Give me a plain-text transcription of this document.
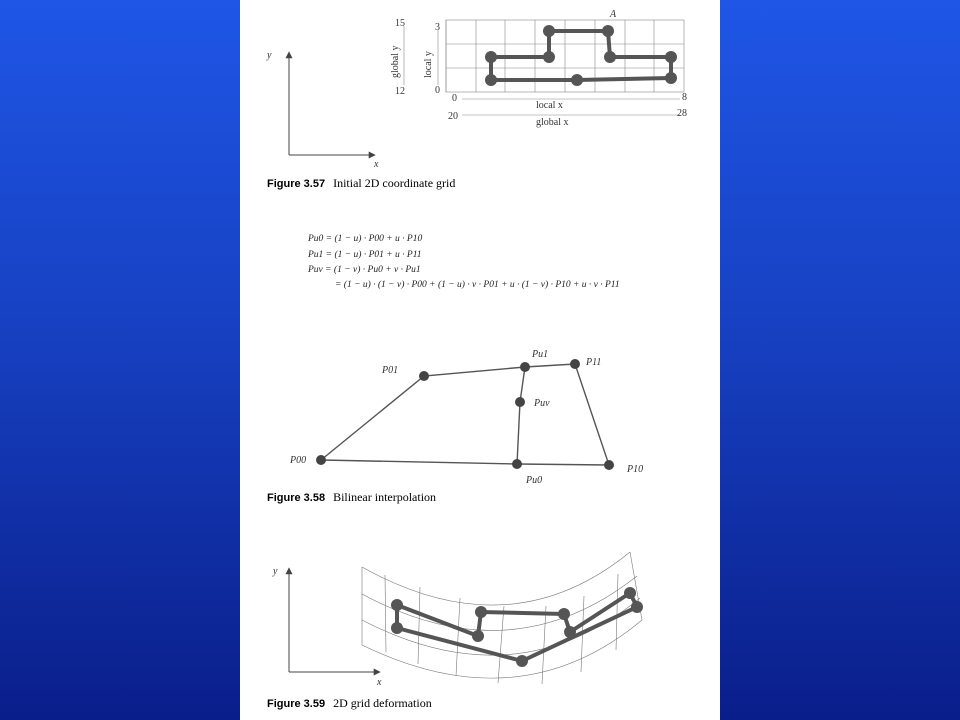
y
x
A
15
12
3
0
global y local y
0	8
local x
20	28
global x
Figure 3.57 Initial 2D coordinate grid
Pu0 = (1 − u) · P00 + u · P10
Pu1 = (1 − u) · P01 + u · P11
Puv = (1 − v) · Pu0 + v · Pu1
= (1 − u) · (1 − v) · P00 + (1 − u) · v · P01 + u · (1 − v) · P10 + u · v · P11
P00
P01
Pu1
P11
Puv
Pu0
P10
Figure 3.58 Bilinear interpolation
y
x
Figure 3.59 2D grid deformation
